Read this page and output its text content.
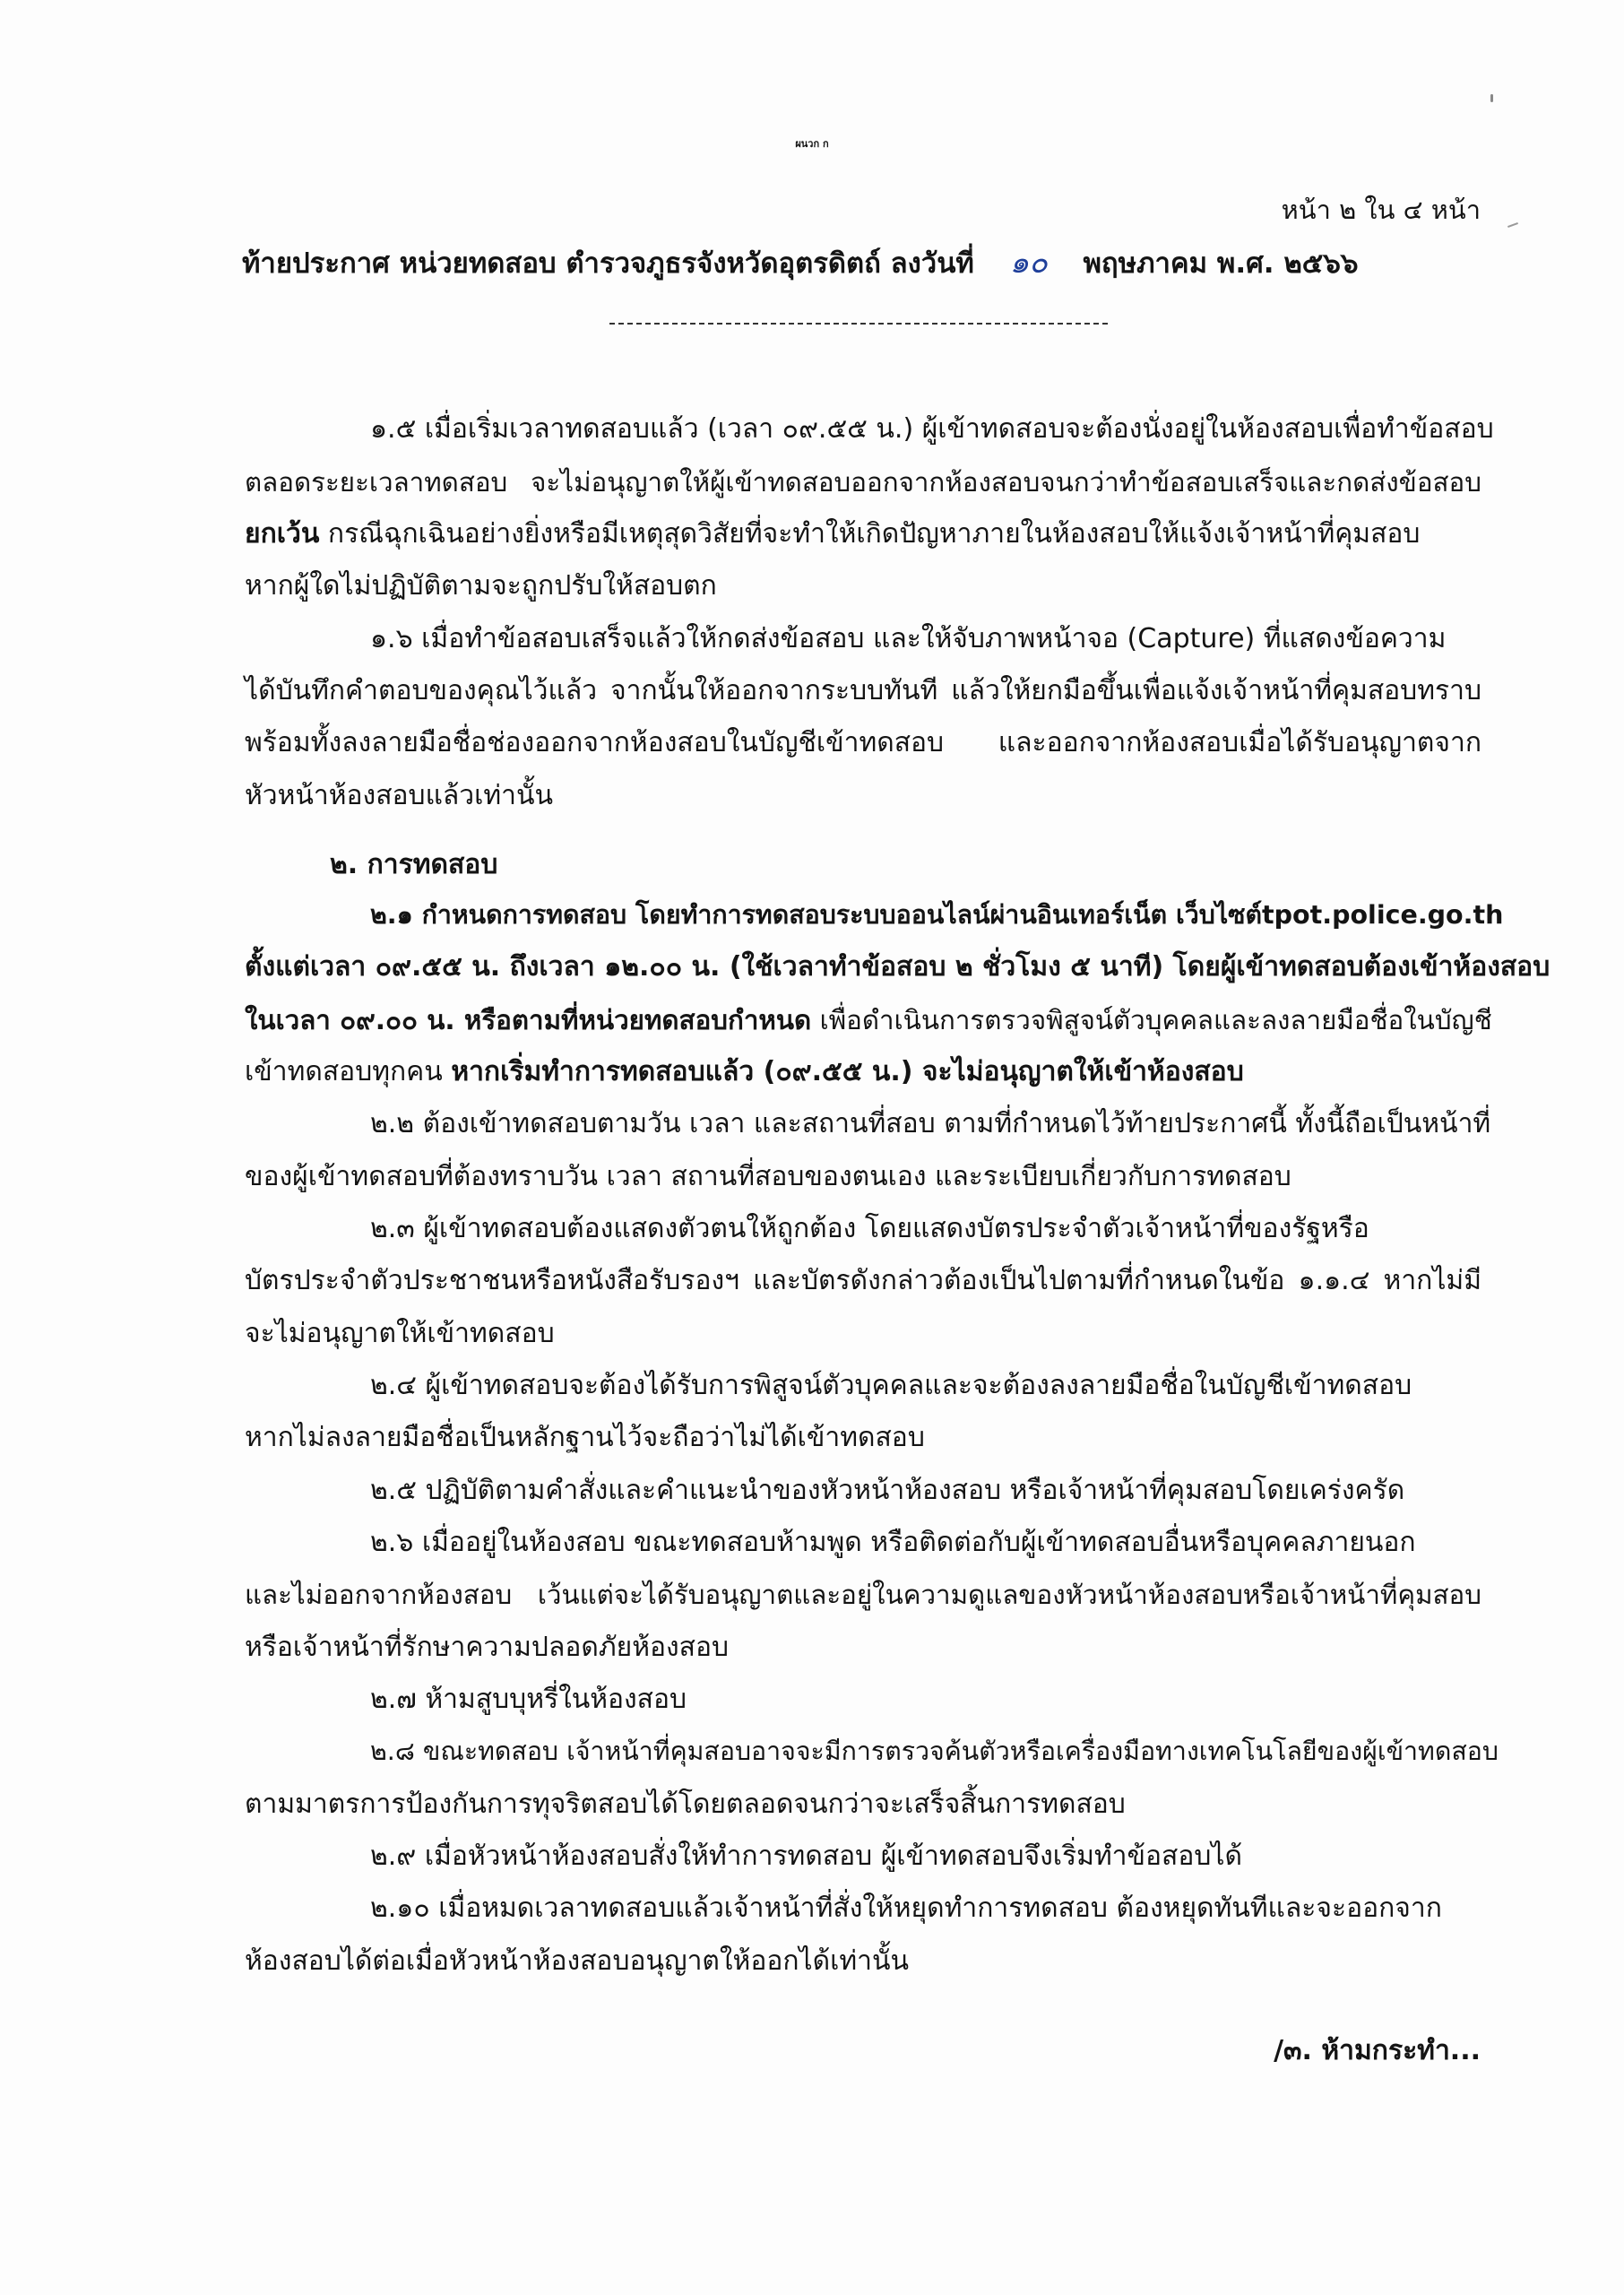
ผนวก ก
หน้า ๒ ใน ๔ หน้า
ท้ายประกาศ หน่วยทดสอบ ตำรวจภูธรจังหวัดอุตรดิตถ์ ลงวันที่ ๑๐ พฤษภาคม พ.ศ. ๒๕๖๖
๑.๕ เมื่อเริ่มเวลาทดสอบแล้ว (เวลา ๐๙.๕๕ น.) ผู้เข้าทดสอบจะต้องนั่งอยู่ในห้องสอบเพื่อทำข้อสอบ
ตลอดระยะเวลาทดสอบ จะไม่อนุญาตให้ผู้เข้าทดสอบออกจากห้องสอบจนกว่าทำข้อสอบเสร็จและกดส่งข้อสอบ
ยกเว้น กรณีฉุกเฉินอย่างยิ่งหรือมีเหตุสุดวิสัยที่จะทำให้เกิดปัญหาภายในห้องสอบให้แจ้งเจ้าหน้าที่คุมสอบ
หากผู้ใดไม่ปฏิบัติตามจะถูกปรับให้สอบตก
๑.๖ เมื่อทำข้อสอบเสร็จแล้วให้กดส่งข้อสอบ และให้จับภาพหน้าจอ (Capture) ที่แสดงข้อความ
ได้บันทึกคำตอบของคุณไว้แล้ว จากนั้นให้ออกจากระบบทันที แล้วให้ยกมือขึ้นเพื่อแจ้งเจ้าหน้าที่คุมสอบทราบ
พร้อมทั้งลงลายมือชื่อช่องออกจากห้องสอบในบัญชีเข้าทดสอบ และออกจากห้องสอบเมื่อได้รับอนุญาตจาก
หัวหน้าห้องสอบแล้วเท่านั้น
๒. การทดสอบ
๒.๑ กำหนดการทดสอบ โดยทำการทดสอบระบบออนไลน์ผ่านอินเทอร์เน็ต เว็บไซต์tpot.police.go.th
ตั้งแต่เวลา ๐๙.๕๕ น. ถึงเวลา ๑๒.๐๐ น. (ใช้เวลาทำข้อสอบ ๒ ชั่วโมง ๕ นาที) โดยผู้เข้าทดสอบต้องเข้าห้องสอบ
ในเวลา ๐๙.๐๐ น. หรือตามที่หน่วยทดสอบกำหนด เพื่อดำเนินการตรวจพิสูจน์ตัวบุคคลและลงลายมือชื่อในบัญชี
เข้าทดสอบทุกคน หากเริ่มทำการทดสอบแล้ว (๐๙.๕๕ น.) จะไม่อนุญาตให้เข้าห้องสอบ
๒.๒ ต้องเข้าทดสอบตามวัน เวลา และสถานที่สอบ ตามที่กำหนดไว้ท้ายประกาศนี้ ทั้งนี้ถือเป็นหน้าที่
ของผู้เข้าทดสอบที่ต้องทราบวัน เวลา สถานที่สอบของตนเอง และระเบียบเกี่ยวกับการทดสอบ
๒.๓ ผู้เข้าทดสอบต้องแสดงตัวตนให้ถูกต้อง โดยแสดงบัตรประจำตัวเจ้าหน้าที่ของรัฐหรือ
บัตรประจำตัวประชาชนหรือหนังสือรับรองฯ และบัตรดังกล่าวต้องเป็นไปตามที่กำหนดในข้อ ๑.๑.๔ หากไม่มี
จะไม่อนุญาตให้เข้าทดสอบ
๒.๔ ผู้เข้าทดสอบจะต้องได้รับการพิสูจน์ตัวบุคคลและจะต้องลงลายมือชื่อในบัญชีเข้าทดสอบ
หากไม่ลงลายมือชื่อเป็นหลักฐานไว้จะถือว่าไม่ได้เข้าทดสอบ
๒.๕ ปฏิบัติตามคำสั่งและคำแนะนำของหัวหน้าห้องสอบ หรือเจ้าหน้าที่คุมสอบโดยเคร่งครัด
๒.๖ เมื่ออยู่ในห้องสอบ ขณะทดสอบห้ามพูด หรือติดต่อกับผู้เข้าทดสอบอื่นหรือบุคคลภายนอก
และไม่ออกจากห้องสอบ เว้นแต่จะได้รับอนุญาตและอยู่ในความดูแลของหัวหน้าห้องสอบหรือเจ้าหน้าที่คุมสอบ
หรือเจ้าหน้าที่รักษาความปลอดภัยห้องสอบ
๒.๗ ห้ามสูบบุหรี่ในห้องสอบ
๒.๘ ขณะทดสอบ เจ้าหน้าที่คุมสอบอาจจะมีการตรวจค้นตัวหรือเครื่องมือทางเทคโนโลยีของผู้เข้าทดสอบ
ตามมาตรการป้องกันการทุจริตสอบได้โดยตลอดจนกว่าจะเสร็จสิ้นการทดสอบ
๒.๙ เมื่อหัวหน้าห้องสอบสั่งให้ทำการทดสอบ ผู้เข้าทดสอบจึงเริ่มทำข้อสอบได้
๒.๑๐ เมื่อหมดเวลาทดสอบแล้วเจ้าหน้าที่สั่งให้หยุดทำการทดสอบ ต้องหยุดทันทีและจะออกจาก
ห้องสอบได้ต่อเมื่อหัวหน้าห้องสอบอนุญาตให้ออกได้เท่านั้น
/๓. ห้ามกระทำ...
